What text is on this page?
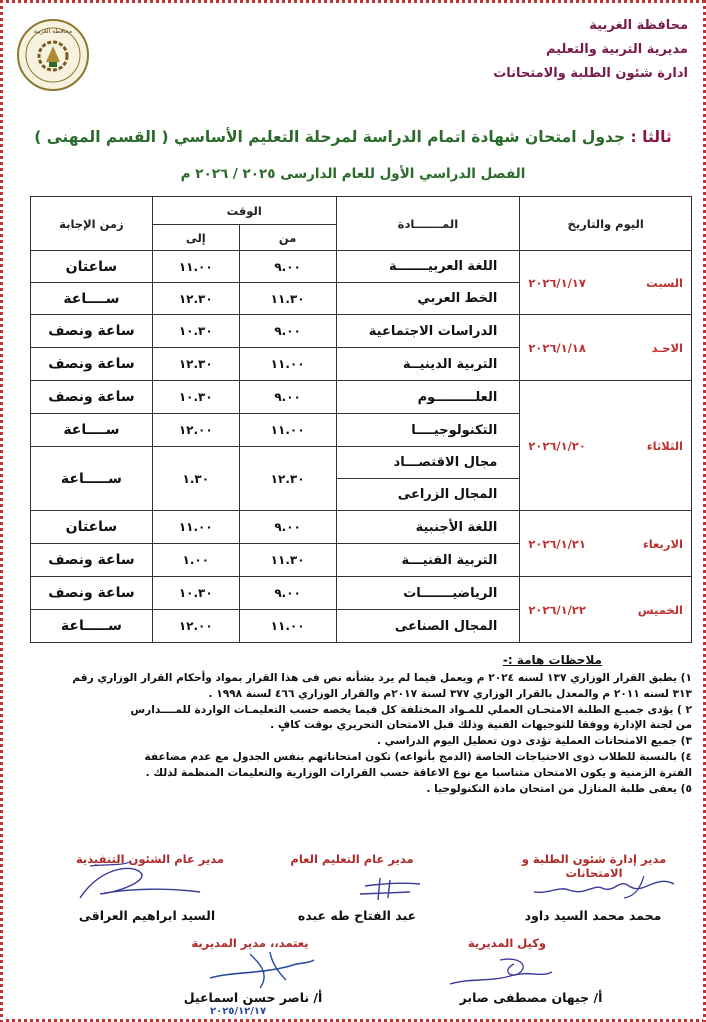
محافظة الغربية	محافظة الغربية
مديرية التربية والتعليم
ادارة شئون الطلبة والامتحانات
ثالثا : جدول امتحان شهادة اتمام الدراسة لمرحلة التعليم الأساسي ( القسم المهنى )
الفصل الدراسي الأول للعام الدارسى ٢٠٢٥ / ٢٠٢٦ م
اليوم والتاريخ	المـــــــادة	الوقت		زمن الإجابة
		من	إلى	

السبت
٢٠٢٦/١/١٧	اللغة العربيـــــــة	٩.٠٠	١١.٠٠	ساعتان
	الخط العربي	١١.٣٠	١٢.٣٠	ســــاعة

الاحـد
٢٠٢٦/١/١٨	الدراسات الاجتماعية	٩.٠٠	١٠.٣٠	ساعة ونصف
	التربية الدينيــة	١١.٠٠	١٢.٣٠	ساعة ونصف

الثلاثاء
٢٠٢٦/١/٢٠	العلـــــــــوم	٩.٠٠	١٠.٣٠	ساعة ونصف
	التكنولوجيــــا	١١.٠٠	١٢.٠٠	ســــاعة
	مجال الاقتصـــاد	١٢.٣٠	١.٣٠	ســـــاعة
	المجال الزراعى			

الاربعاء
٢٠٢٦/١/٢١	اللغة الأجنبية	٩.٠٠	١١.٠٠	ساعتان
	التربية الفنيـــة	١١.٣٠	١.٠٠	ساعة ونصف

الخميس
٢٠٢٦/١/٢٢	الرياضيـــــــات	٩.٠٠	١٠.٣٠	ساعة ونصف
	المجال الصناعى	١١.٠٠	١٢.٠٠	ســـــاعة
ملاحظات هامة :-
١) يطبق القرار الوزاري ١٣٧ لسنه ٢٠٢٤ م ويعمل فيما لم يرد بشأنه نص فى هذا القرار بمواد وأحكام القرار الوزاري رقم
٣١٣ لسنه ٢٠١١ م والمعدل بالقرار الوزاري ٣٧٧ لسنة ٢٠١٧م والقرار الوزاري ٤٦٦ لسنة ١٩٩٨ .
٢ ) يؤدى جميـع الطلبة الامتحـان العملي للمـواد المختلفة كل فيما يخصه حسب التعليمـات الواردة للمــــدارس
من لجنة الإدارة ووفقا للتوجيهات الفنية وذلك قبل الامتحان التحريري بوقت كافٍ .
٣) جميع الامتحانات العملية تؤدى دون تعطيل اليوم الدراسي .
٤) بالنسبة للطلاب ذوى الاحتياجات الخاصة (الدمج بأنواعه) تكون امتحاناتهم بنفس الجدول مع عدم مضاعفة
الفترة الزمنية و يكون الامتحان متناسبا مع نوع الاعاقة حسب القرارات الوزارية والتعليمات المنظمة لذلك .
٥) يعفى طلبة المنازل من امتحان مادة التكنولوجيا .
مدير إدارة شئون الطلبة و الامتحانات
مدير عام التعليم العام
مدير عام الشئون التنفيذية
محمد محمد السيد داود
عبد الفتاح طه عبده
السيد ابراهيم العراقى
وكيل المديرية
يعتمد،، مدير المديرية
أ/ جيهان مصطفى صابر
أ/ ناصر حسن اسماعيل
٢٠٢٥/١٢/١٧
